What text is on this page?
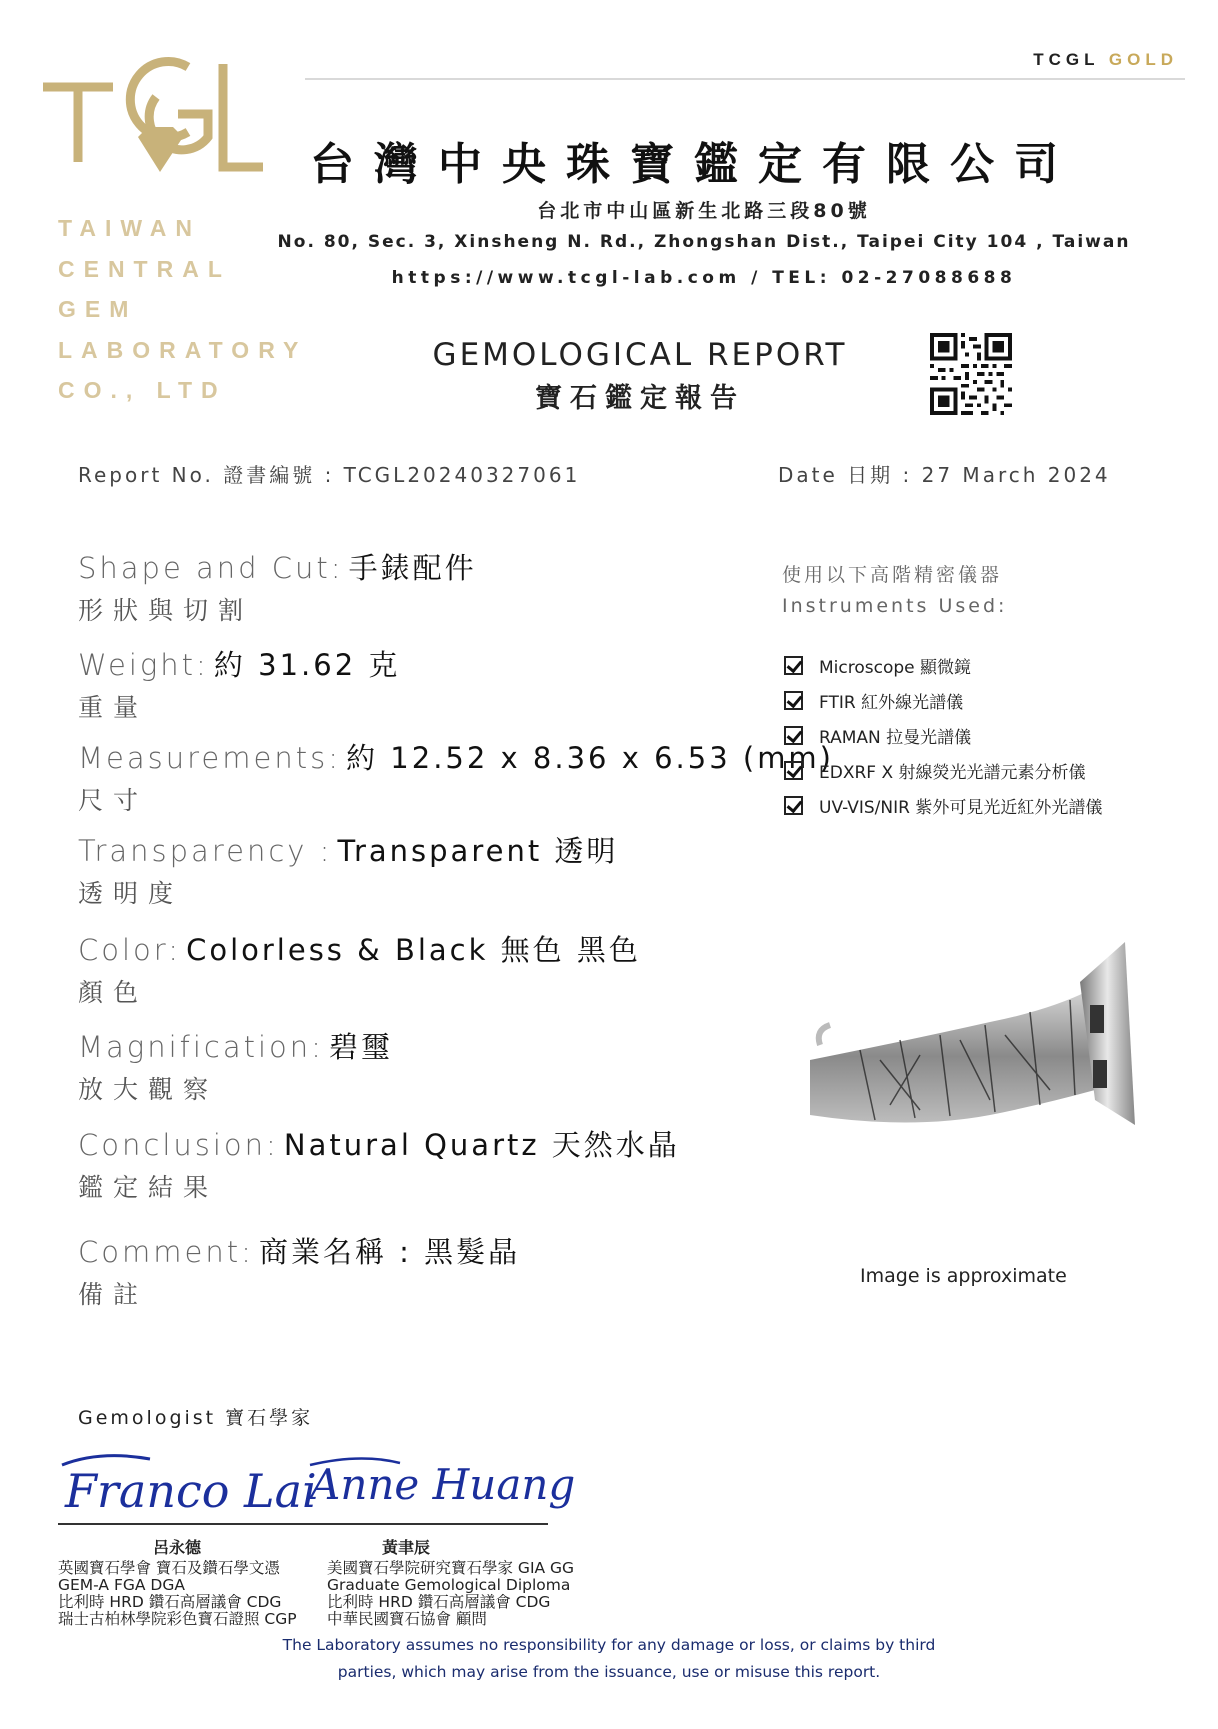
TCGL GOLD
TAIWAN
CENTRAL
GEM
LABORATORY
CO., LTD
台灣中央珠寶鑑定有限公司
台北市中山區新生北路三段80號
No. 80, Sec. 3, Xinsheng N. Rd., Zhongshan Dist., Taipei City 104 , Taiwan
https://www.tcgl-lab.com / TEL: 02-27088688
GEMOLOGICAL REPORT
寶石鑑定報告
Report No. 證書編號 : TCGL20240327061	Date 日期 : 27 March 2024
Shape and Cut: 手錶配件
形狀與切割
Weight: 約 31.62 克
重量
Measurements: 約 12.52 x 8.36 x 6.53 (mm)
尺寸
Transparency : Transparent 透明
透明度
Color: Colorless & Black 無色 黑色
顏色
Magnification: 碧璽
放大觀察
Conclusion: Natural Quartz 天然水晶
鑑定結果
Comment: 商業名稱 : 黑髮晶
備註
使用以下高階精密儀器
Instruments Used:
Microscope 顯微鏡
FTIR 紅外線光譜儀
RAMAN 拉曼光譜儀
EDXRF X 射線熒光光譜元素分析儀
UV-VIS/NIR 紫外可見光近紅外光譜儀
Image is approximate
Gemologist 寶石學家
Franco Lai
Anne Huang
呂永德	黃聿辰
英國寶石學會 寶石及鑽石學文憑
GEM-A FGA DGA
比利時 HRD 鑽石高層議會 CDG
瑞士古柏林學院彩色寶石證照 CGP
美國寶石學院研究寶石學家 GIA GG
Graduate Gemological Diploma
比利時 HRD 鑽石高層議會 CDG
中華民國寶石協會 顧問
The Laboratory assumes no responsibility for any damage or loss, or claims by third
parties, which may arise from the issuance, use or misuse this report.
